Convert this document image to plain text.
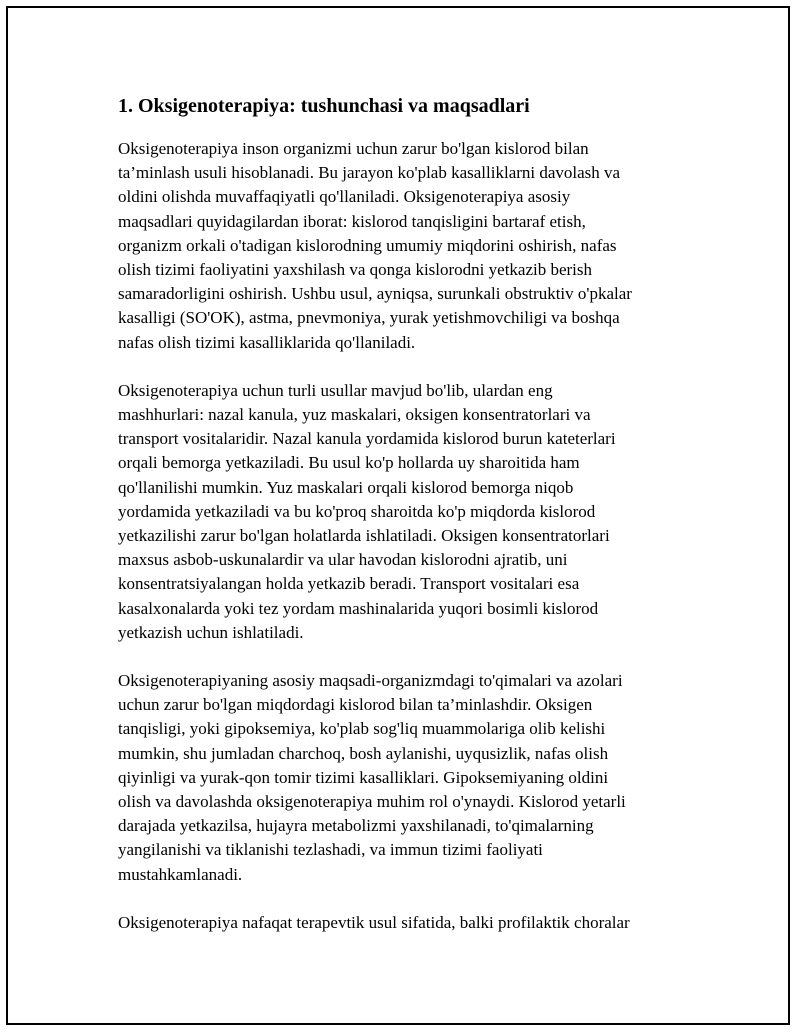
1. Oksigenoterapiya: tushunchasi va maqsadlari

Oksigenoterapiya inson organizmi uchun zarur bo'lgan kislorod bilan
ta’minlash usuli hisoblanadi. Bu jarayon ko'plab kasalliklarni davolash va
oldini olishda muvaffaqiyatli qo'llaniladi. Oksigenoterapiya asosiy
maqsadlari quyidagilardan iborat: kislorod tanqisligini bartaraf etish,
organizm orkali o'tadigan kislorodning umumiy miqdorini oshirish, nafas
olish tizimi faoliyatini yaxshilash va qonga kislorodni yetkazib berish
samaradorligini oshirish. Ushbu usul, ayniqsa, surunkali obstruktiv o'pkalar
kasalligi (SO'OK), astma, pnevmoniya, yurak yetishmovchiligi va boshqa
nafas olish tizimi kasalliklarida qo'llaniladi.

Oksigenoterapiya uchun turli usullar mavjud bo'lib, ulardan eng
mashhurlari: nazal kanula, yuz maskalari, oksigen konsentratorlari va
transport vositalaridir. Nazal kanula yordamida kislorod burun kateterlari
orqali bemorga yetkaziladi. Bu usul ko'p hollarda uy sharoitida ham
qo'llanilishi mumkin. Yuz maskalari orqali kislorod bemorga niqob
yordamida yetkaziladi va bu ko'proq sharoitda ko'p miqdorda kislorod
yetkazilishi zarur bo'lgan holatlarda ishlatiladi. Oksigen konsentratorlari
maxsus asbob-uskunalardir va ular havodan kislorodni ajratib, uni
konsentratsiyalangan holda yetkazib beradi. Transport vositalari esa
kasalxonalarda yoki tez yordam mashinalarida yuqori bosimli kislorod
yetkazish uchun ishlatiladi.

Oksigenoterapiyaning asosiy maqsadi-organizmdagi to'qimalari va azolari
uchun zarur bo'lgan miqdordagi kislorod bilan ta’minlashdir. Oksigen
tanqisligi, yoki gipoksemiya, ko'plab sog'liq muammolariga olib kelishi
mumkin, shu jumladan charchoq, bosh aylanishi, uyqusizlik, nafas olish
qiyinligi va yurak-qon tomir tizimi kasalliklari. Gipoksemiyaning oldini
olish va davolashda oksigenoterapiya muhim rol o'ynaydi. Kislorod yetarli
darajada yetkazilsa, hujayra metabolizmi yaxshilanadi, to'qimalarning
yangilanishi va tiklanishi tezlashadi, va immun tizimi faoliyati
mustahkamlanadi.

Oksigenoterapiya nafaqat terapevtik usul sifatida, balki profilaktik choralar
